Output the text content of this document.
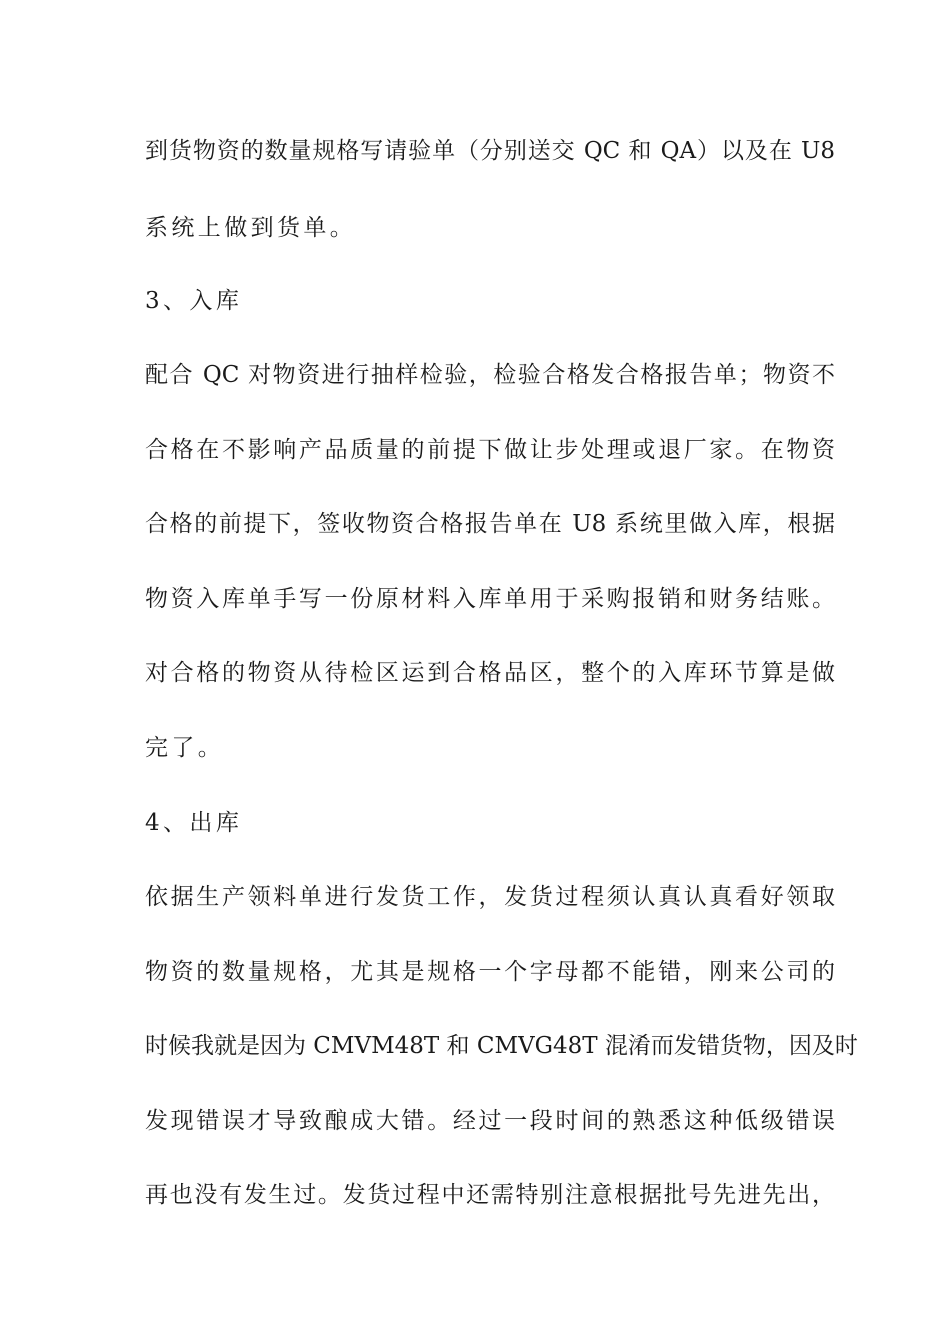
到货物资的数量规格写请验单（分别送交 QC 和 QA）以及在 U8
系统上做到货单。
3、入库
配合 QC 对物资进行抽样检验，检验合格发合格报告单；物资不
合格在不影响产品质量的前提下做让步处理或退厂家。在物资
合格的前提下，签收物资合格报告单在 U8 系统里做入库，根据
物资入库单手写一份原材料入库单用于采购报销和财务结账。
对合格的物资从待检区运到合格品区，整个的入库环节算是做
完了。
4、出库
依据生产领料单进行发货工作，发货过程须认真认真看好领取
物资的数量规格，尤其是规格一个字母都不能错，刚来公司的
时候我就是因为 CMVM48T 和 CMVG48T 混淆而发错货物，因及时
发现错误才导致酿成大错。经过一段时间的熟悉这种低级错误
再也没有发生过。发货过程中还需特别注意根据批号先进先出，
